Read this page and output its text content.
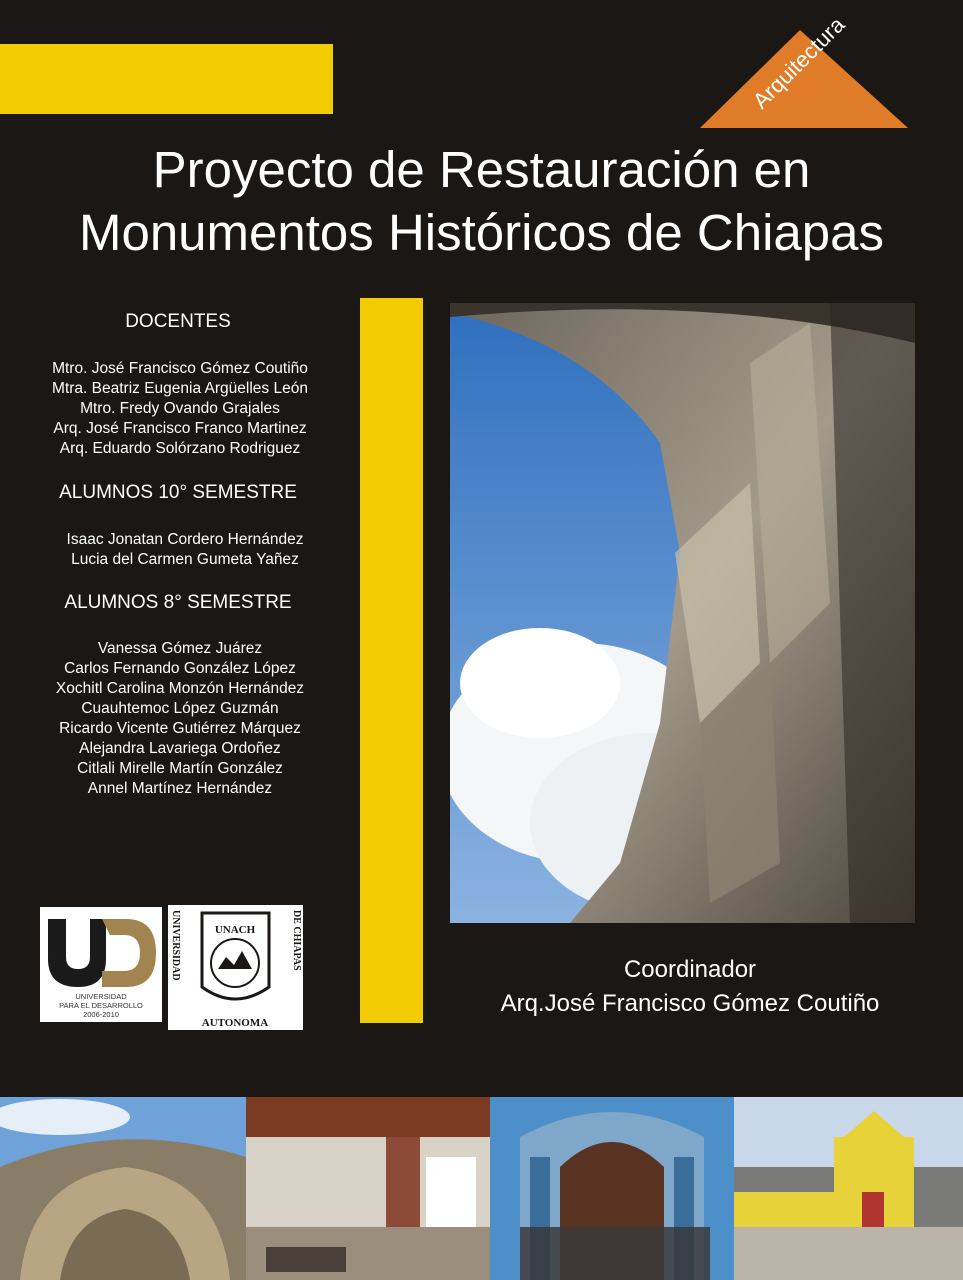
Arquitectura
Proyecto de Restauración en
Monumentos Históricos de Chiapas
DOCENTES
Mtro. José Francisco Gómez Coutiño
Mtra. Beatriz Eugenia Argüelles León
Mtro. Fredy Ovando Grajales
Arq. José Francisco Franco Martinez
Arq. Eduardo Solórzano Rodriguez
ALUMNOS 10° SEMESTRE
Isaac Jonatan Cordero Hernández
Lucia del Carmen Gumeta Yañez
ALUMNOS 8° SEMESTRE
Vanessa Gómez Juárez
Carlos Fernando González López
Xochitl Carolina Monzón Hernández
Cuauhtemoc López Guzmán
Ricardo Vicente Gutiérrez Márquez
Alejandra Lavariega Ordoñez
Citlali Mirelle Martín González
Annel Martínez Hernández
Coordinador
Arq.José Francisco Gómez Coutiño
UNIVERSIDAD
PARA EL DESARROLLO
2006-2010
UNIVERSIDAD	DE CHIAPAS
UNACH
AUTONOMA
